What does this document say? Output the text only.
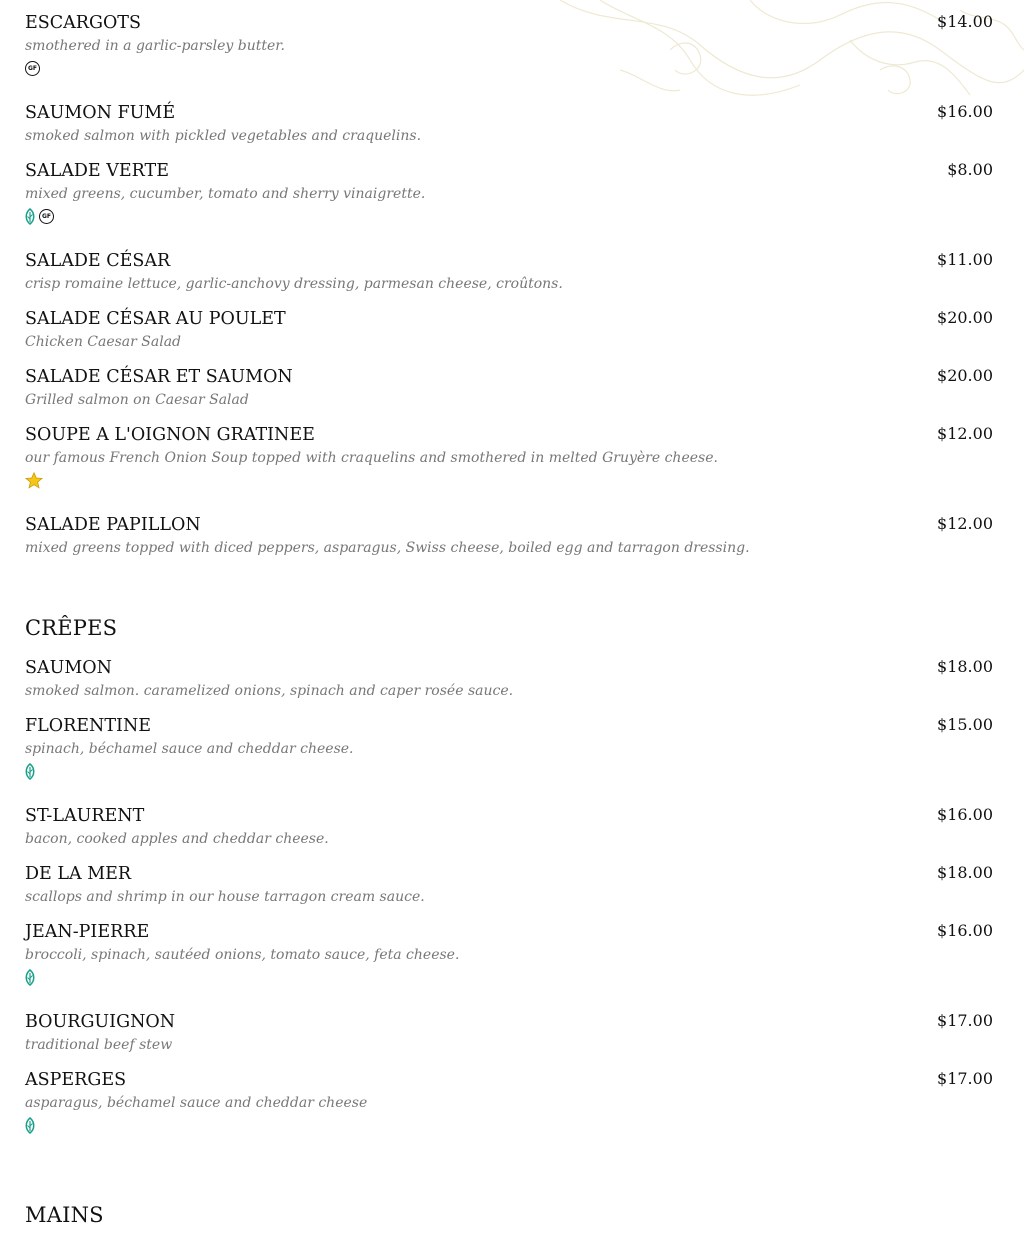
ESCARGOTS	$14.00
smothered in a garlic-parsley butter.
GF
SAUMON FUMÉ	$16.00
smoked salmon with pickled vegetables and craquelins.
SALADE VERTE	$8.00
mixed greens, cucumber, tomato and sherry vinaigrette.
GF
SALADE CÉSAR	$11.00
crisp romaine lettuce, garlic-anchovy dressing, parmesan cheese, croûtons.
SALADE CÉSAR AU POULET	$20.00
Chicken Caesar Salad
SALADE CÉSAR ET SAUMON	$20.00
Grilled salmon on Caesar Salad
SOUPE A L'OIGNON GRATINEE	$12.00
our famous French Onion Soup topped with craquelins and smothered in melted Gruyère cheese.
SALADE PAPILLON	$12.00
mixed greens topped with diced peppers, asparagus, Swiss cheese, boiled egg and tarragon dressing.
CRÊPES
SAUMON	$18.00
smoked salmon. caramelized onions, spinach and caper rosée sauce.
FLORENTINE	$15.00
spinach, béchamel sauce and cheddar cheese.
ST-LAURENT	$16.00
bacon, cooked apples and cheddar cheese.
DE LA MER	$18.00
scallops and shrimp in our house tarragon cream sauce.
JEAN-PIERRE	$16.00
broccoli, spinach, sautéed onions, tomato sauce, feta cheese.
BOURGUIGNON	$17.00
traditional beef stew
ASPERGES	$17.00
asparagus, béchamel sauce and cheddar cheese
MAINS
